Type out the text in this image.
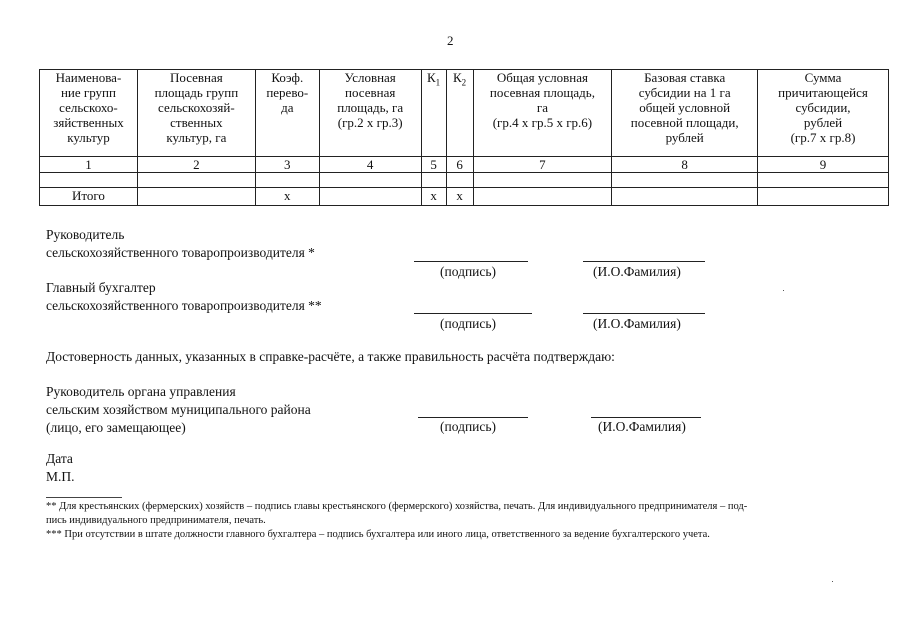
2
Наименова-
ние групп
сельскохо-
зяйственных
культур	Посевная
площадь групп
сельскохозяй-
ственных
культур, га	Коэф.
перево-
да	Условная
посевная
площадь, га
(гр.2 х гр.3)	$К_1$	$К_2$	Общая условная
посевная площадь,
га
(гр.4 х гр.5 х гр.6)	Базовая ставка
субсидии на 1 га
общей условной
посевной площади,
рублей	Сумма
причитающейся
субсидии,
рублей
(гр.7 х гр.8)
1	2	3	4	5	6	7	8	9

Итого		х		х	х			
Руководитель
сельскохозяйственного товаропроизводителя *
(подпись)	(И.О.Фамилия)
Главный бухгалтер
сельскохозяйственного товаропроизводителя **
(подпись)	(И.О.Фамилия)
Достоверность данных, указанных в справке-расчёте, а также правильность расчёта подтверждаю:
Руководитель органа управления
сельским хозяйством муниципального района
(лицо, его замещающее)	(подпись)	(И.О.Фамилия)
Дата
М.П.
** Для крестьянских (фермерских) хозяйств – подпись главы крестьянского (фермерского) хозяйства, печать. Для индивидуального предпринимателя – под-
пись индивидуального предпринимателя, печать.
*** При отсутствии в штате должности главного бухгалтера – подпись бухгалтера или иного лица, ответственного за ведение бухгалтерского учета.
